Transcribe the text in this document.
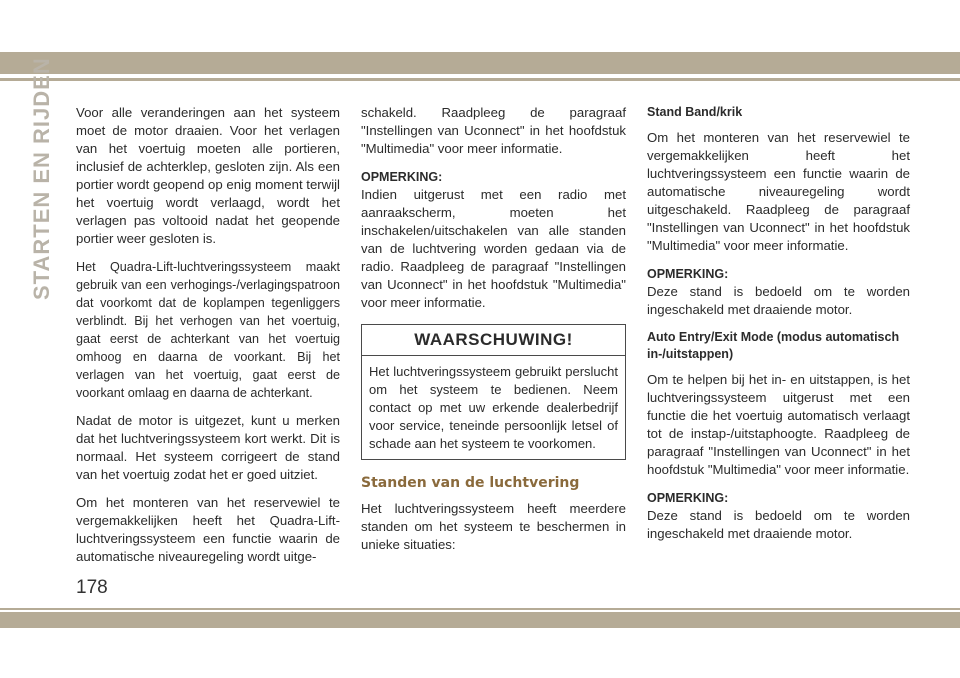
STARTEN EN RIJDEN Voor alle veranderingen aan het systeem moet de motor draaien. Voor het verlagen van het voertuig moeten alle portieren, inclusief de achterklep, gesloten zijn. Als een portier wordt geopend op enig moment terwijl het voertuig wordt verlaagd, wordt het verlagen pas voltooid nadat het geopende portier weer gesloten is.

Het Quadra-Lift-luchtveringssysteem maakt gebruik van een verhogings-/verlagingspatroon dat voorkomt dat de koplampen tegenliggers verblindt. Bij het verhogen van het voertuig, gaat eerst de achterkant van het voertuig omhoog en daarna de voorkant. Bij het verlagen van het voertuig, gaat eerst de voorkant omlaag en daarna de achterkant.

Nadat de motor is uitgezet, kunt u merken dat het luchtveringssysteem kort werkt. Dit is normaal. Het systeem corrigeert de stand van het voertuig zodat het er goed uitziet.

Om het monteren van het reservewiel te vergemakkelijken heeft het Quadra-Lift-luchtveringssysteem een functie waarin de automatische niveauregeling wordt uitge-

schakeld. Raadpleeg de paragraaf "Instellingen van Uconnect" in het hoofdstuk "Multimedia" voor meer informatie.

OPMERKING:

Indien uitgerust met een radio met aanraakscherm, moeten het inschakelen/uitschakelen van alle standen van de luchtvering worden gedaan via de radio. Raadpleeg de paragraaf "Instellingen van Uconnect" in het hoofdstuk "Multimedia" voor meer informatie.

WAARSCHUWING!
Het luchtveringssysteem gebruikt perslucht om het systeem te bedienen. Neem contact op met uw erkende dealerbedrijf voor service, teneinde persoonlijk letsel of schade aan het systeem te voorkomen.
Standen van de luchtvering

Het luchtveringssysteem heeft meerdere standen om het systeem te beschermen in unieke situaties:

Stand Band/krik

Om het monteren van het reservewiel te vergemakkelijken heeft het luchtveringssysteem een functie waarin de automatische niveauregeling wordt uitgeschakeld. Raadpleeg de paragraaf "Instellingen van Uconnect" in het hoofdstuk "Multimedia" voor meer informatie.

OPMERKING:

Deze stand is bedoeld om te worden ingeschakeld met draaiende motor.

Auto Entry/Exit Mode (modus automatisch in-/uitstappen)

Om te helpen bij het in- en uitstappen, is het luchtveringssysteem uitgerust met een functie die het voertuig automatisch verlaagt tot de instap-/uitstaphoogte. Raadpleeg de paragraaf "Instellingen van Uconnect" in het hoofdstuk "Multimedia" voor meer informatie.

OPMERKING:

Deze stand is bedoeld om te worden ingeschakeld met draaiende motor.

178
